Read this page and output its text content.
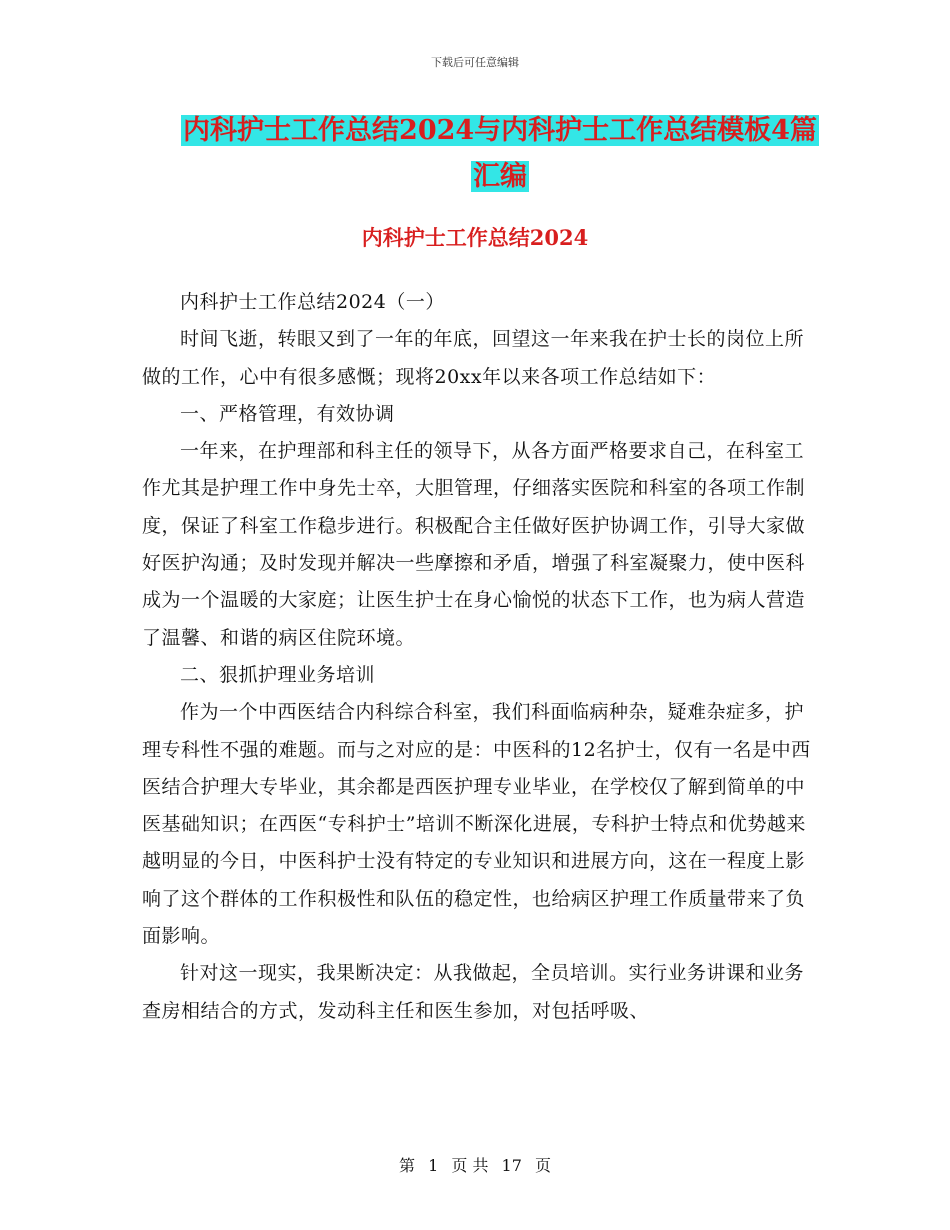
下载后可任意编辑
内科护士工作总结2024与内科护士工作总结模板4篇
汇编
内科护士工作总结2024

内科护士工作总结2024（一）

时间飞逝，转眼又到了一年的年底，回望这一年来我在护士长的岗位上所做的工作，心中有很多感慨；现将20xx年以来各项工作总结如下：

一、严格管理，有效协调

一年来，在护理部和科主任的领导下，从各方面严格要求自己，在科室工作尤其是护理工作中身先士卒，大胆管理，仔细落实医院和科室的各项工作制度，保证了科室工作稳步进行。积极配合主任做好医护协调工作，引导大家做好医护沟通；及时发现并解决一些摩擦和矛盾，增强了科室凝聚力，使中医科成为一个温暖的大家庭；让医生护士在身心愉悦的状态下工作，也为病人营造了温馨、和谐的病区住院环境。

二、狠抓护理业务培训

作为一个中西医结合内科综合科室，我们科面临病种杂，疑难杂症多，护理专科性不强的难题。而与之对应的是：中医科的12名护士，仅有一名是中西医结合护理大专毕业，其余都是西医护理专业毕业，在学校仅了解到简单的中医基础知识；在西医“专科护士”培训不断深化进展，专科护士特点和优势越来越明显的今日，中医科护士没有特定的专业知识和进展方向，这在一程度上影响了这个群体的工作积极性和队伍的稳定性，也给病区护理工作质量带来了负面影响。

针对这一现实，我果断决定：从我做起，全员培训。实行业务讲课和业务查房相结合的方式，发动科主任和医生参加，对包括呼吸、

第 1 页 共 17 页
